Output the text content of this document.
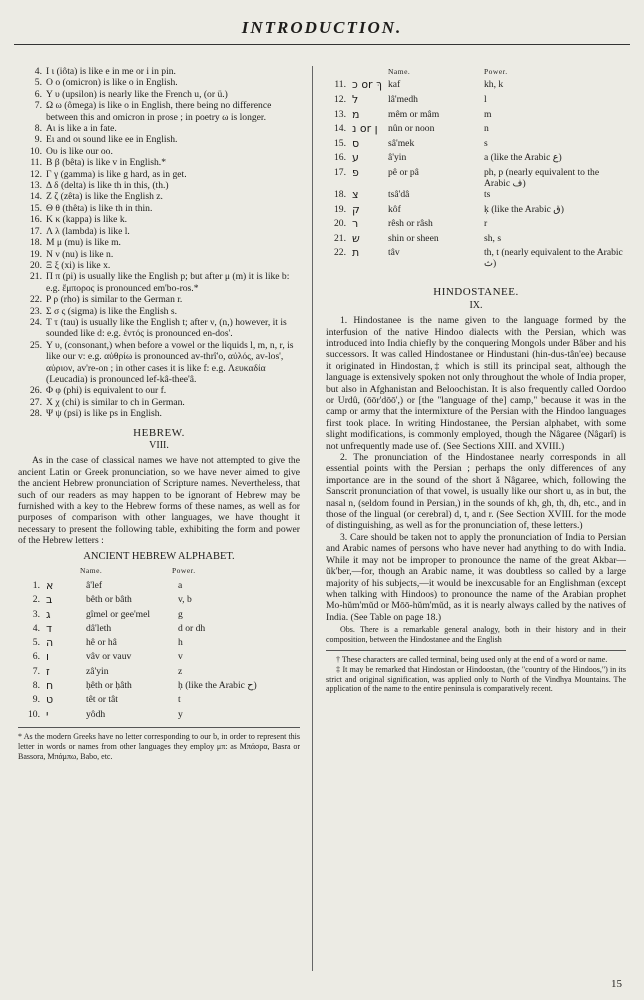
INTRODUCTION.
4. I ι (iôta) is like e in me or i in pin.
5. O o (omicron) is like o in English.
6. Υ υ (upsilon) is nearly like the French u, (or ü.)
7. Ω ω (ômega) is like o in English, there being no difference between this and omicron in prose ; in poetry ω is longer.
8. Aι is like a in fate.
9. Eι and οι sound like ee in English.
10. Oυ is like our oo.
11. B β (bêta) is like v in English.*
12. Γ γ (gamma) is like g hard, as in get.
13. Δ δ (delta) is like th in this, (th.)
14. Z ζ (zêta) is like the English z.
15. Θ θ (thêta) is like th in thin.
16. K κ (kappa) is like k.
17. Λ λ (lambda) is like l.
18. M μ (mu) is like m.
19. N ν (nu) is like n.
20. Ξ ξ (xi) is like x.
21. Π π (pi) is usually like the English p; but after μ (m) it is like b: e.g. ἔμπορος is pronounced em'bo-ros.*
22. P ρ (rho) is similar to the German r.
23. Σ σ ς (sigma) is like the English s.
24. T τ (tau) is usually like the English t; after ν, (n,) however, it is sounded like d: e.g. ἐντός is pronounced en-dos'.
25. Υ υ, (consonant,) when before a vowel or the liquids l, m, n, r, is like our v: e.g. αὐθρίω is pronounced av-thrî'o, αὐλός, av-los', αὐριον, av're-on ; in other cases it is like f: e.g. Λευκαδία (Leucadia) is pronounced lef-kâ-thee'â.
26. Φ φ (phi) is equivalent to our f.
27. X χ (chi) is similar to ch in German.
28. Ψ ψ (psi) is like ps in English.
HEBREW.
VIII.

As in the case of classical names we have not attempted to give the ancient Latin or Greek pronunciation, so we have never aimed to give the ancient Hebrew pronunciation of Scripture names. Nevertheless, that such of our readers as may happen to be ignorant of Hebrew may be furnished with a key to the Hebrew forms of these names, as well as for purposes of comparison with other languages, we have thought it necessary to present the following table, exhibiting the form and power of the Hebrew letters :

ANCIENT HEBREW ALPHABET.
Name.	Power.
1. א	â'lef	a
2. ב	bêth or bâth	v, b
3. ג	gîmel or gee'mel	g
4. ד	dâ'leth	d or dh
5. ה	hê or hâ	h
6. ו	vâv or vauv	v
7. ז	zâ'yin	z
8. ח	ḥêth or ḥâth	ḥ (like the Arabic ح)
9. ט	têt or tât	t
10. י	yôdh	y
* As the modern Greeks have no letter corresponding to our b, in order to represent this letter in words or names from other languages they employ μπ: as Μπάσρα, Basra or Bassora, Μπάμπω, Babo, etc.
Name.	Power.
11. כ or ךּ kaf	kh, k
12. ל	lâ'medh	l
13. מ	mêm or mâm	m
14. נ or ן	nûn or noon	n
15. ס	sâ'mek	s
16. ע	â'yin	a (like the Arabic ع)
17. פ	pê or pâ	ph, p (nearly equivalent to the Arabic ف)
18. צ	tsâ'dâ	ts
19. ק	kôf	ḳ (like the Arabic ق)
20. ר	rêsh or râsh	r
21. ש	shin or sheen	sh, s
22. ת	tâv	th, t (nearly equivalent to the Arabic ث)
HINDOSTANEE.
IX.

1. Hindostanee is the name given to the language formed by the interfusion of the native Hindoo dialects with the Persian, which was introduced into India chiefly by the conquering Mongols under Bâber and his successors. It was called Hindostanee or Hindustani (hin-dus-tân'ee) because it originated in Hindostan,‡ which is still its principal seat, although the language is extensively spoken not only throughout the whole of India proper, but also in Afghanistan and Beloochistan. It is also frequently called Oordoo or Urdû, (ōōr'dōō',) or [the "language of the] camp," because it was in the camp or army that the intermixture of the Persian with the Hindoo languages first took place. In writing Hindostanee, the Persian alphabet, with some slight modifications, is commonly employed, though the Nâgaree (Nâgarî) is not unfrequently made use of. (See Sections XIII. and XVIII.)

2. The pronunciation of the Hindostanee nearly corresponds in all essential points with the Persian ; perhaps the only differences of any importance are in the sound of the short ă Nâgaree, which, following the Sanscrit pronunciation of that vowel, is usually like our short u, as in but, the nasal n, (seldom found in Persian,) in the sounds of kh, gh, th, dh, etc., and in those of the lingual (or cerebral) d, t, and r. (See Section XVIII. for the mode of distinguishing, as well as for the pronunciation of, these letters.)

3. Care should be taken not to apply the pronunciation of India to Persian and Arabic names of persons who have never had anything to do with India. While it may not be improper to pronounce the name of the great Akbar—ŭk'ber,—for, though an Arabic name, it was doubtless so called by a large majority of his subjects,—it would be inexcusable for an Englishman (except when talking with Hindoos) to pronounce the name of the Arabian prophet Mo-hŭm'mŭd or Mōō-hŭm'mŭd, as it is nearly always called by the natives of India. (See Table on page 18.)

Obs. There is a remarkable general analogy, both in their history and in their composition, between the Hindostanee and the English

† These characters are called terminal, being used only at the end of a word or name.
‡ It may be remarked that Hindostan or Hindoostan, (the "country of the Hindoos,") in its strict and original signification, was applied only to North of the Vindhya Mountains. The application of the name to the entire peninsula is comparatively recent.
15
